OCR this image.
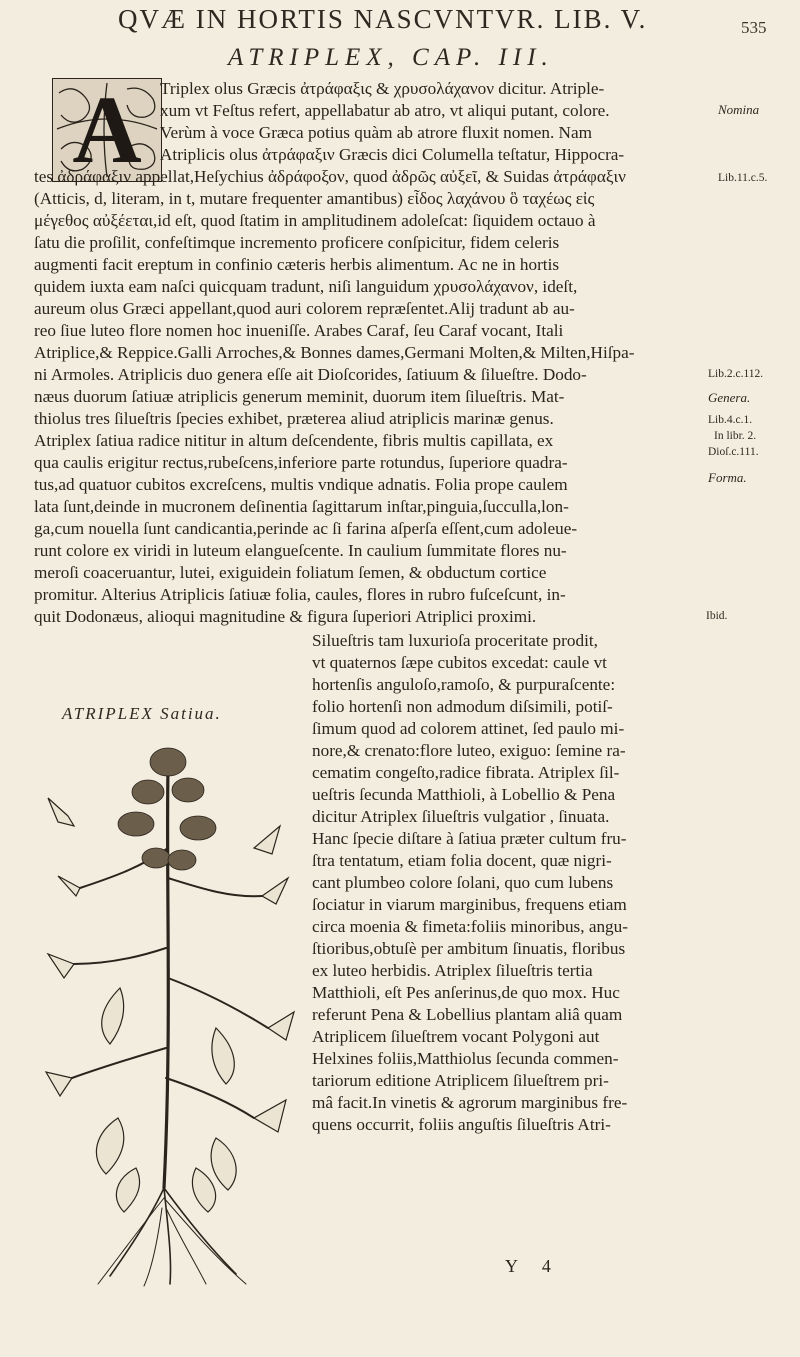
QVÆ IN HORTIS NASCVNTVR. LIB. V.	535
ATRIPLEX, CAP. III.
A	Triplex olus Græcis ἀτράφαξις & χρυσολάχανον dicitur. Atriple-
xum vt Feſtus refert, appellabatur ab atro, vt aliqui putant, colore.
Verùm à voce Græca potius quàm ab atrore fluxit nomen. Nam
Atriplicis olus ἀτράφαξιν Græcis dici Columella teſtatur, Hippocra-
tes ἀδράφαξιν appellat,Heſychius ἀδράφοξον, quod ἀδρῶς αὐξεῖ, & Suidas ἀτράφαξιν
(Atticis, d, literam, in t, mutare frequenter amantibus) εἶδος λαχάνου ὃ ταχέως εἰς
μέγεθος αὐξέεται,id eſt, quod ſtatim in amplitudinem adoleſcat: ſiquidem octauo à
ſatu die proſilit, confeſtimque incremento proficere conſpicitur, fidem celeris
augmenti facit ereptum in confinio cæteris herbis alimentum. Ac ne in hortis
quidem iuxta eam naſci quicquam tradunt, niſi languidum χρυσολάχανον, ideſt,
aureum olus Græci appellant,quod auri colorem repræſentet.Alij tradunt ab au-
reo ſiue luteo flore nomen hoc inueniſſe. Arabes Caraf, ſeu Caraf vocant, Itali
Atriplice,& Reppice.Galli Arroches,& Bonnes dames,Germani Molten,& Milten,Hiſpa-
ni Armoles. Atriplicis duo genera eſſe ait Dioſcorides, ſatiuum & ſilueſtre. Dodo-
næus duorum ſatiuæ atriplicis generum meminit, duorum item ſilueſtris. Mat-
thiolus tres ſilueſtris ſpecies exhibet, præterea aliud atriplicis marinæ genus.
Atriplex ſatiua radice nititur in altum deſcendente, fibris multis capillata, ex
qua caulis erigitur rectus,rubeſcens,inferiore parte rotundus, ſuperiore quadra-
tus,ad quatuor cubitos excreſcens, multis vndique adnatis. Folia prope caulem
lata ſunt,deinde in mucronem deſinentia ſagittarum inſtar,pinguia,ſucculla,lon-
ga,cum nouella ſunt candicantia,perinde ac ſi farina aſperſa eſſent,cum adoleue-
runt colore ex viridi in luteum elangueſcente. In caulium ſummitate flores nu-
meroſi coaceruantur, lutei, exiguidein foliatum ſemen, & obductum cortice
promitur. Alterius Atriplicis ſatiuæ folia, caules, flores in rubro fuſceſcunt, in-
quit Dodonæus, alioqui magnitudine & figura ſuperiori Atriplici proximi.
Silueſtris tam luxurioſa proceritate prodit,
vt quaternos ſæpe cubitos excedat: caule vt
hortenſis anguloſo,ramoſo, & purpuraſcente:
folio hortenſi non admodum diſsimili, potiſ-
ſimum quod ad colorem attinet, ſed paulo mi-
nore,& crenato:flore luteo, exiguo: ſemine ra-
cematim congeſto,radice fibrata. Atriplex ſil-
ueſtris ſecunda Matthioli, à Lobellio & Pena
dicitur Atriplex ſilueſtris vulgatior , ſinuata.
Hanc ſpecie diſtare à ſatiua præter cultum fru-
ſtra tentatum, etiam folia docent, quæ nigri-
cant plumbeo colore ſolani, quo cum lubens
ſociatur in viarum marginibus, frequens etiam
circa moenia & fimeta:foliis minoribus, angu-
ſtioribus,obtuſè per ambitum ſinuatis, floribus
ex luteo herbidis. Atriplex ſilueſtris tertia
Matthioli, eſt Pes anſerinus,de quo mox. Huc
referunt Pena & Lobellius plantam aliâ quam
Atriplicem ſilueſtrem vocant Polygoni aut
Helxines foliis,Matthiolus ſecunda commen-
tariorum editione Atriplicem ſilueſtrem pri-
mâ facit.In vinetis & agrorum marginibus fre-
quens occurrit, foliis anguſtis ſilueſtris Atri-
Nomina
Lib.11.c.5.
Lib.2.c.112.
Genera.
Lib.4.c.1.
In libr. 2.
Dioſ.c.111.
Forma.
Ibid.
ATRIPLEX Satiua.
Y 4
